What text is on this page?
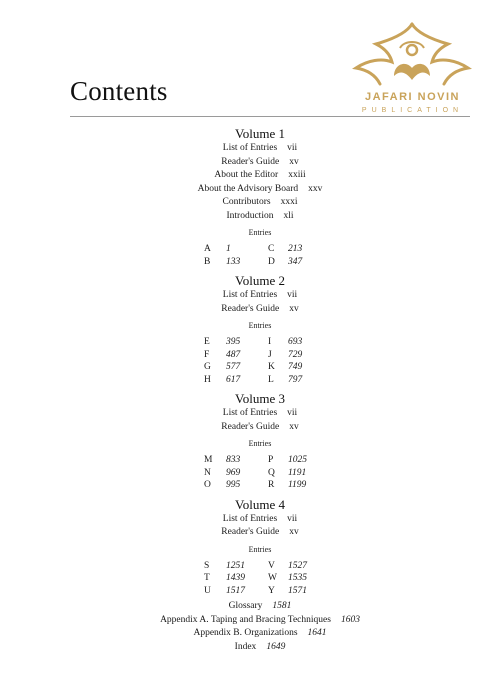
Contents	JAFARI NOVIN
PUBLICATION
Volume 1
List of Entries vii
Reader's Guide xv
About the Editor xxiii
About the Advisory Board xxv
Contributors xxxi
Introduction xli
Entries
A	1	C	213
B	133	D	347
Volume 2
List of Entries vii
Reader's Guide xv
Entries
E	395	I	693
F	487	J	729
G	577	K	749
H	617	L	797
Volume 3
List of Entries vii
Reader's Guide xv
Entries
M	833	P	1025
N	969	Q	1191
O	995	R	1199
Volume 4
List of Entries vii
Reader's Guide xv
Entries
S	1251	V	1527
T	1439	W	1535
U	1517	Y	1571
Glossary 1581
Appendix A. Taping and Bracing Techniques 1603
Appendix B. Organizations 1641
Index 1649
